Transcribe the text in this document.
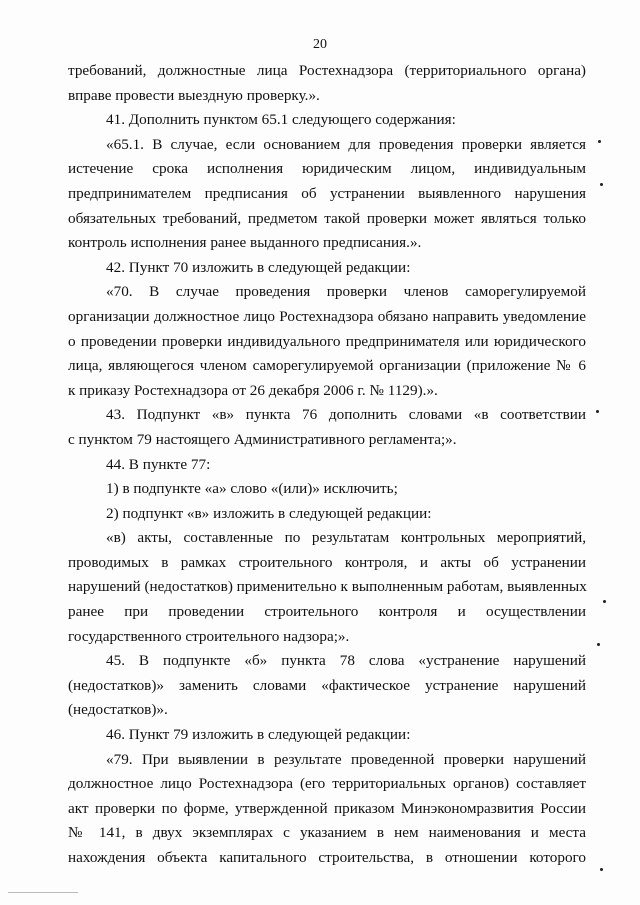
20
требований, должностные лица Ростехнадзора (территориального органа)
вправе провести выездную проверку.».
41. Дополнить пунктом 65.1 следующего содержания:
«65.1. В случае, если основанием для проведения проверки является
истечение срока исполнения юридическим лицом, индивидуальным
предпринимателем предписания об устранении выявленного нарушения
обязательных требований, предметом такой проверки может являться только
контроль исполнения ранее выданного предписания.».
42. Пункт 70 изложить в следующей редакции:
«70. В случае проведения проверки членов саморегулируемой
организации должностное лицо Ростехнадзора обязано направить уведомление
о проведении проверки индивидуального предпринимателя или юридического
лица, являющегося членом саморегулируемой организации (приложение № 6
к приказу Ростехнадзора от 26 декабря 2006 г. № 1129).».
43. Подпункт «в» пункта 76 дополнить словами «в соответствии
с пунктом 79 настоящего Административного регламента;».
44. В пункте 77:
1) в подпункте «а» слово «(или)» исключить;
2) подпункт «в» изложить в следующей редакции:
«в) акты, составленные по результатам контрольных мероприятий,
проводимых в рамках строительного контроля, и акты об устранении
нарушений (недостатков) применительно к выполненным работам, выявленных
ранее при проведении строительного контроля и осуществлении
государственного строительного надзора;».
45. В подпункте «б» пункта 78 слова «устранение нарушений
(недостатков)» заменить словами «фактическое устранение нарушений
(недостатков)».
46. Пункт 79 изложить в следующей редакции:
«79. При выявлении в результате проведенной проверки нарушений
должностное лицо Ростехнадзора (его территориальных органов) составляет
акт проверки по форме, утвержденной приказом Минэкономразвития России
№ 141, в двух экземплярах с указанием в нем наименования и места
нахождения объекта капитального строительства, в отношении которого
